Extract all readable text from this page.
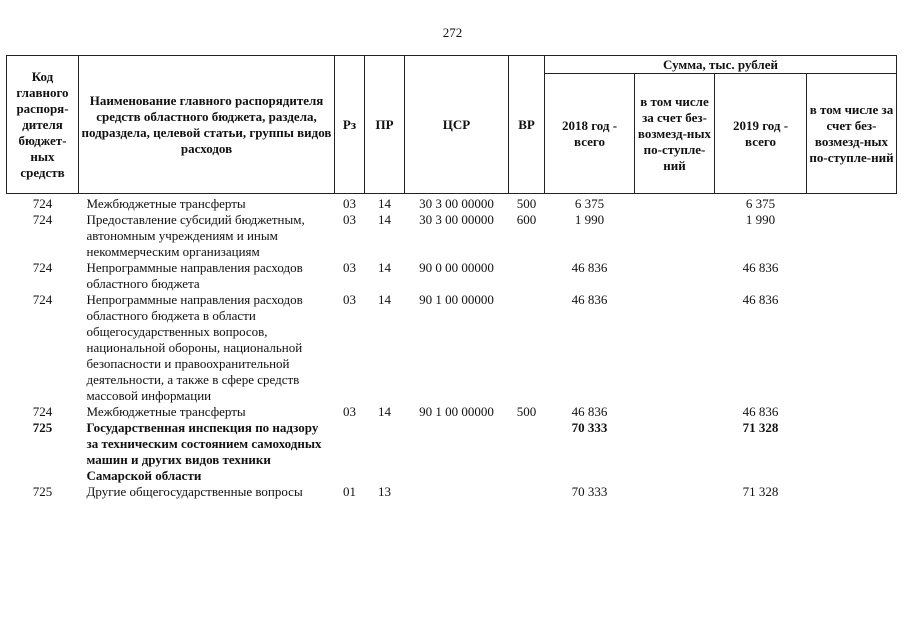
272
Код главного распоря-дителя бюджет-ных средств	Наименование главного распорядителя средств областного бюджета, раздела, подраздела, целевой статьи, группы видов расходов	Рз	ПР	ЦСР	ВР	Сумма, тыс. рублей			
						2018 год - всего	в том числе за счет без-возмезд-ных по-ступле-ний	2019 год - всего	в том числе за счет без-возмезд-ных по-ступле-ний
724	Межбюджетные трансферты	03	14	30 3 00 00000	500	6 375		6 375	
724	Предоставление субсидий бюджетным, автономным учреждениям и иным некоммерческим организациям	03	14	30 3 00 00000	600	1 990		1 990	
724	Непрограммные направления расходов областного бюджета	03	14	90 0 00 00000		46 836		46 836	
724	Непрограммные направления расходов областного бюджета в области общегосударственных вопросов, национальной обороны, национальной безопасности и правоохранительной деятельности, а также в сфере средств массовой информации	03	14	90 1 00 00000		46 836		46 836	
724	Межбюджетные трансферты	03	14	90 1 00 00000	500	46 836		46 836	
725	Государственная инспекция по надзору за техническим состоянием самоходных машин и других видов техники Самарской области					70 333		71 328	
725	Другие общегосударственные вопросы	01	13			70 333		71 328	
